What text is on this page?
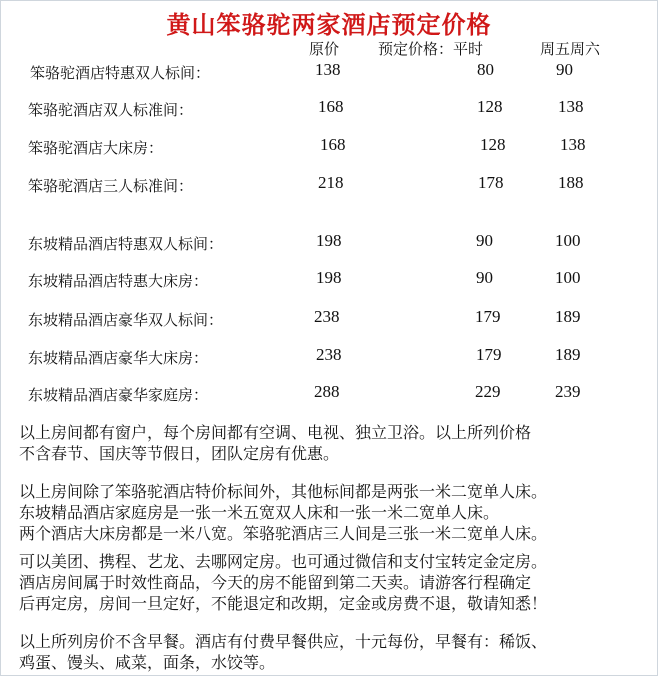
黄山笨骆驼两家酒店预定价格
原价	预定价格：平时	周五周六
笨骆驼酒店特惠双人标间：	138	80	90
笨骆驼酒店双人标准间：	168	128	138
笨骆驼酒店大床房：	168	128	138
笨骆驼酒店三人标准间：	218	178	188
东坡精品酒店特惠双人标间：	198	90	100
东坡精品酒店特惠大床房：	198	90	100
东坡精品酒店豪华双人标间：	238	179	189
东坡精品酒店豪华大床房：	238	179	189
东坡精品酒店豪华家庭房：	288	229	239
以上房间都有窗户，每个房间都有空调、电视、独立卫浴。以上所列价格
不含春节、国庆等节假日，团队定房有优惠。
以上房间除了笨骆驼酒店特价标间外，其他标间都是两张一米二宽单人床。
东坡精品酒店家庭房是一张一米五宽双人床和一张一米二宽单人床。
两个酒店大床房都是一米八宽。笨骆驼酒店三人间是三张一米二宽单人床。
可以美团、携程、艺龙、去哪网定房。也可通过微信和支付宝转定金定房。
酒店房间属于时效性商品，今天的房不能留到第二天卖。请游客行程确定
后再定房，房间一旦定好，不能退定和改期，定金或房费不退，敬请知悉！
以上所列房价不含早餐。酒店有付费早餐供应，十元每份，早餐有：稀饭、
鸡蛋、馒头、咸菜，面条，水饺等。
